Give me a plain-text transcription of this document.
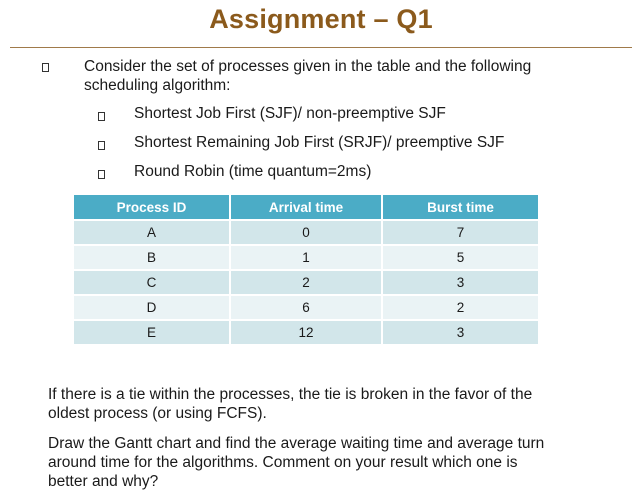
Assignment – Q1
Consider the set of processes given in the table and the following
scheduling algorithm:
Shortest Job First (SJF)/ non-preemptive SJF
Shortest Remaining Job First (SRJF)/ preemptive SJF
Round Robin (time quantum=2ms)
Process ID	Arrival time	Burst time
A	0	7
B	1	5
C	2	3
D	6	2
E	12	3
If there is a tie within the processes, the tie is broken in the favor of the
oldest process (or using FCFS).
Draw the Gantt chart and find the average waiting time and average turn
around time for the algorithms. Comment on your result which one is
better and why?
